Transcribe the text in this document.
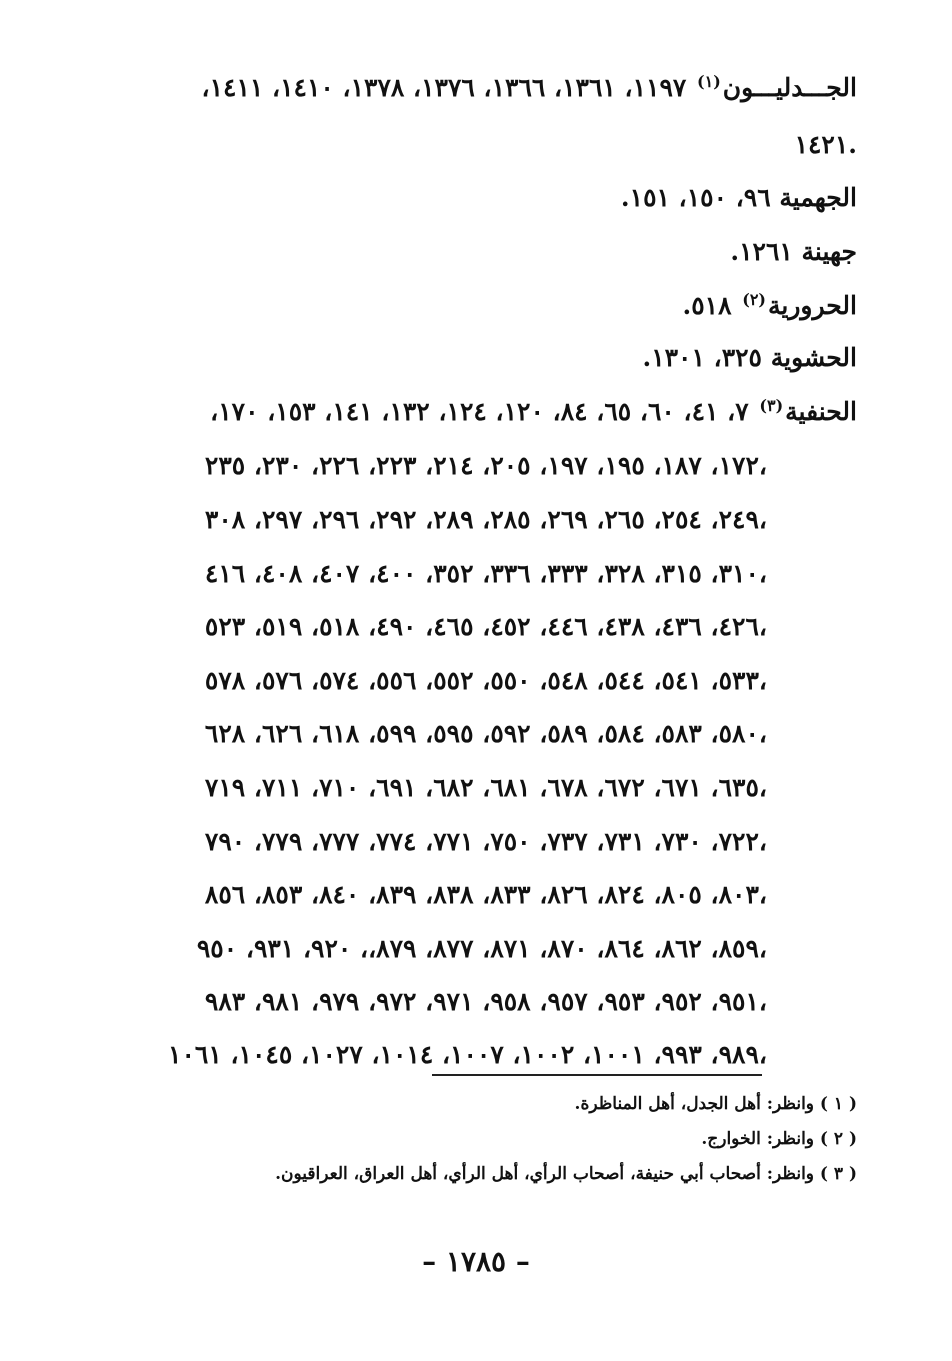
الجـــدليـــون$^{(١)}$ ١١٩٧، ١٣٦١، ١٣٦٦، ١٣٧٦، ١٣٧٨، ١٤١٠، ١٤١١،
١٤٢١.
الجهمية ٩٦، ١٥٠، ١٥١.
جهينة ١٢٦١.
الحرورية$^{(٢)}$ ٥١٨.
الحشوية ٣٢٥، ١٣٠١.
الحنفية$^{(٣)}$ ٧، ٤١، ٦٠، ٦٥، ٨٤، ١٢٠، ١٢٤، ١٣٢، ١٤١، ١٥٣، ١٧٠،
١٧٢، ١٨٧، ١٩٥، ١٩٧، ٢٠٥، ٢١٤، ٢٢٣، ٢٢٦، ٢٣٠، ٢٣٥،
٢٤٩، ٢٥٤، ٢٦٥، ٢٦٩، ٢٨٥، ٢٨٩، ٢٩٢، ٢٩٦، ٢٩٧، ٣٠٨،
٣١٠، ٣١٥، ٣٢٨، ٣٣٣، ٣٣٦، ٣٥٢، ٤٠٠، ٤٠٧، ٤٠٨، ٤١٦،
٤٢٦، ٤٣٦، ٤٣٨، ٤٤٦، ٤٥٢، ٤٦٥، ٤٩٠، ٥١٨، ٥١٩، ٥٢٣،
٥٣٣، ٥٤١، ٥٤٤، ٥٤٨، ٥٥٠، ٥٥٢، ٥٥٦، ٥٧٤، ٥٧٦، ٥٧٨،
٥٨٠، ٥٨٣، ٥٨٤، ٥٨٩، ٥٩٢، ٥٩٥، ٥٩٩، ٦١٨، ٦٢٦، ٦٢٨،
٦٣٥، ٦٧١، ٦٧٢، ٦٧٨، ٦٨١، ٦٨٢، ٦٩١، ٧١٠، ٧١١، ٧١٩،
٧٢٢، ٧٣٠، ٧٣١، ٧٣٧، ٧٥٠، ٧٧١، ٧٧٤، ٧٧٧، ٧٧٩، ٧٩٠،
٨٠٣، ٨٠٥، ٨٢٤، ٨٢٦، ٨٣٣، ٨٣٨، ٨٣٩، ٨٤٠، ٨٥٣، ٨٥٦،
٨٥٩، ٨٦٢، ٨٦٤، ٨٧٠، ٨٧١، ٨٧٧، ٨٧٩،، ٩٢٠، ٩٣١، ٩٥٠،
٩٥١، ٩٥٢، ٩٥٣، ٩٥٧، ٩٥٨، ٩٧١، ٩٧٢، ٩٧٩، ٩٨١، ٩٨٣،
٩٨٩، ٩٩٣، ١٠٠١، ١٠٠٢، ١٠٠٧، ١٠١٤، ١٠٢٧، ١٠٤٥، ١٠٦١،
( ١ ) وانظر: أهل الجدل، أهل المناظرة.
( ٢ ) وانظر: الخوارج.
( ٣ ) وانظر: أصحاب أبي حنيفة، أصحاب الرأي، أهل الرأي، أهل العراق، العراقيون.
– ١٧٨٥ –
